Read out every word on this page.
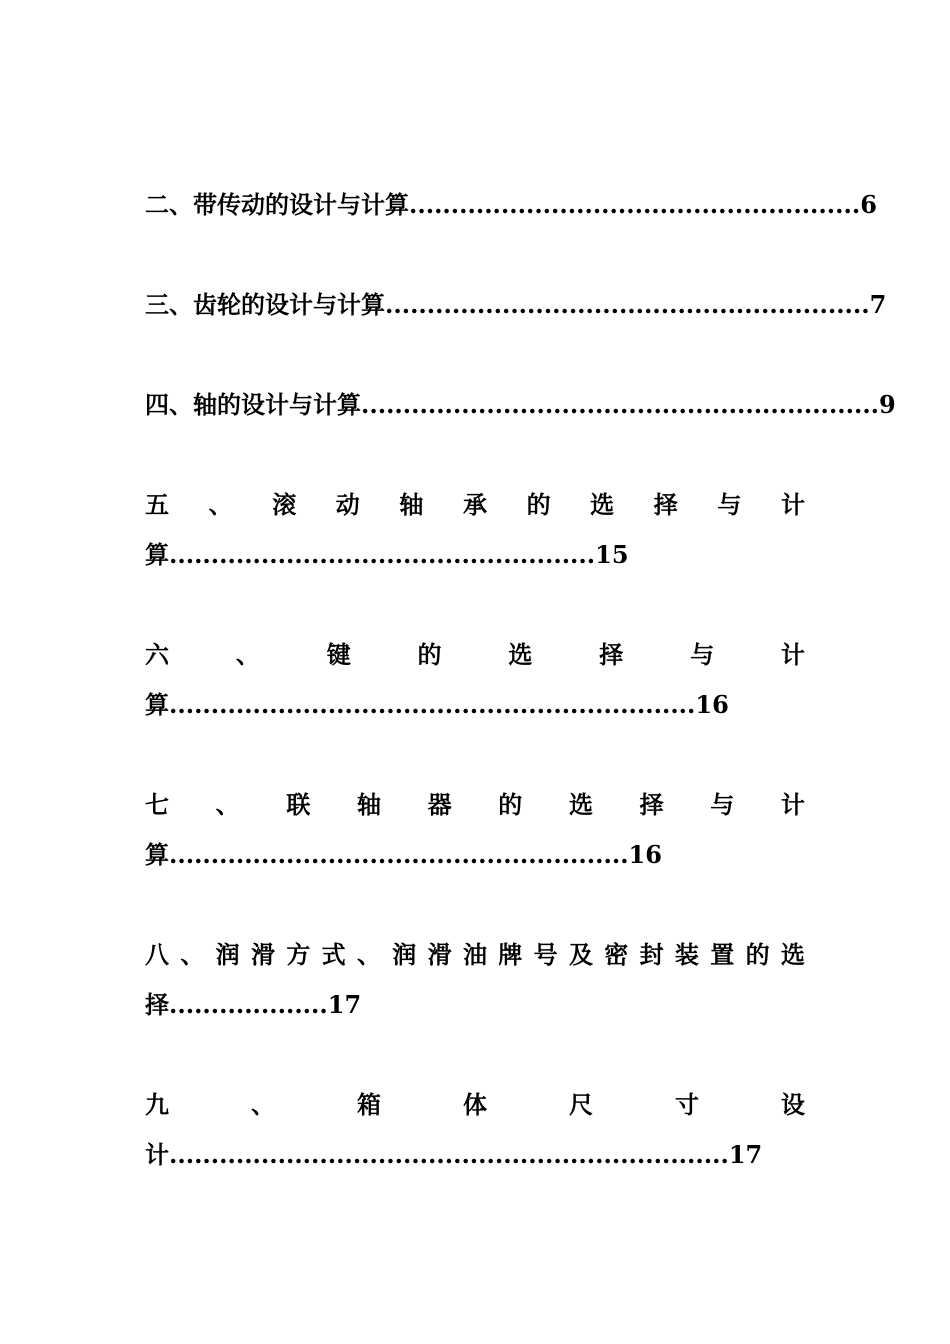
二、带传动的设计与计算......................................................6
三、齿轮的设计与计算..........................................................7
四、轴的设计与计算..............................................................9
五 、 滚 动 轴 承 的 选 择 与 计
算...................................................15
六	、	键	的	选	择	与	计
算...............................................................16
七 、 联 轴 器 的 选 择 与 计
算.......................................................16
八 、 润 滑 方 式 、 润 滑 油 牌 号 及 密 封 装 置 的 选
择...................17
九	、	箱	体	尺	寸	设
计...................................................................17
